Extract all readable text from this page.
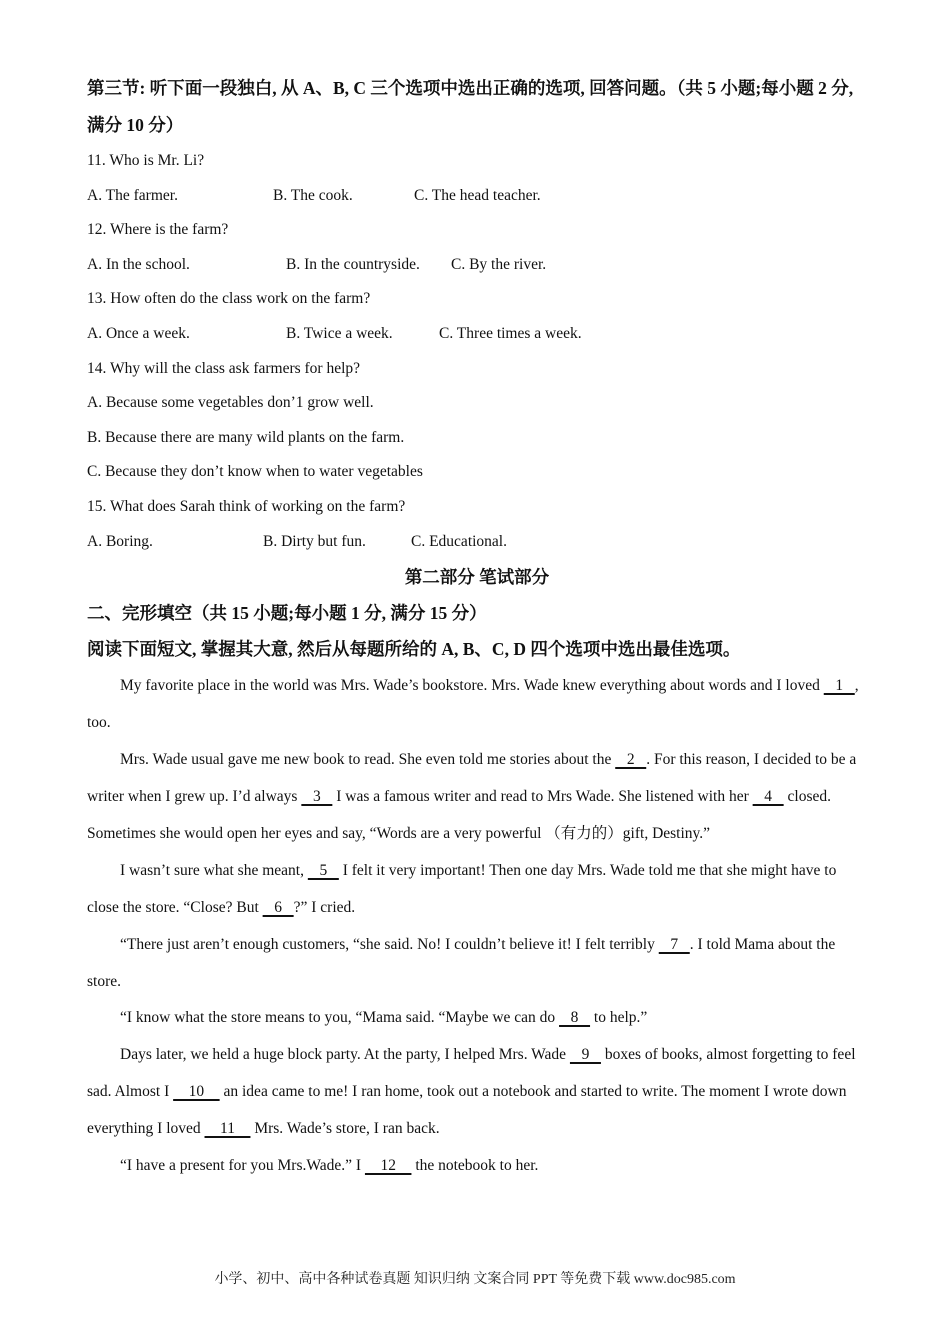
第三节: 听下面一段独白, 从 A、B, C 三个选项中选出正确的选项, 回答问题。（共 5 小题;每小题 2 分, 满分 10 分）

11. Who is Mr. Li?
A. The farmer.	B. The cook.	C. The head teacher.
12. Where is the farm?
A. In the school.	B. In the countryside.	C. By the river.
13. How often do the class work on the farm?
A. Once a week.	B. Twice a week.	C. Three times a week.
14. Why will the class ask farmers for help?
A. Because some vegetables don’1 grow well.
B. Because there are many wild plants on the farm.
C. Because they don’t know when to water vegetables
15. What does Sarah think of working on the farm?
A. Boring.	B. Dirty but fun.	C. Educational.
第二部分 笔试部分
二、完形填空（共 15 小题;每小题 1 分, 满分 15 分）
阅读下面短文, 掌握其大意, 然后从每题所给的 A, B、C, D 四个选项中选出最佳选项。

My favorite place in the world was Mrs. Wade’s bookstore. Mrs. Wade knew everything about words and I loved    1   , too.

Mrs. Wade usual gave me new book to read. She even told me stories about the    2   . For this reason, I decided to be a writer when I grew up. I’d always    3    I was a famous writer and read to Mrs Wade. She listened with her    4    closed. Sometimes she would open her eyes and say, “Words are a very powerful （有力的）gift, Destiny.”

I wasn’t sure what she meant,    5    I felt it very important! Then one day Mrs. Wade told me that she might have to close the store. “Close? But    6   ?” I cried.

“There just aren’t enough customers, “she said. No! I couldn’t believe it! I felt terribly    7   . I told Mama about the store.

“I know what the store means to you, “Mama said. “Maybe we can do    8    to help.”

Days later, we held a huge block party. At the party, I helped Mrs. Wade    9    boxes of books, almost forgetting to feel sad. Almost I     10     an idea came to me! I ran home, took out a notebook and started to write. The moment I wrote down everything I loved     11     Mrs. Wade’s store, I ran back.

“I have a present for you Mrs.Wade.” I     12     the notebook to her.

小学、初中、高中各种试卷真题 知识归纳 文案合同 PPT 等免费下载 www.doc985.com
